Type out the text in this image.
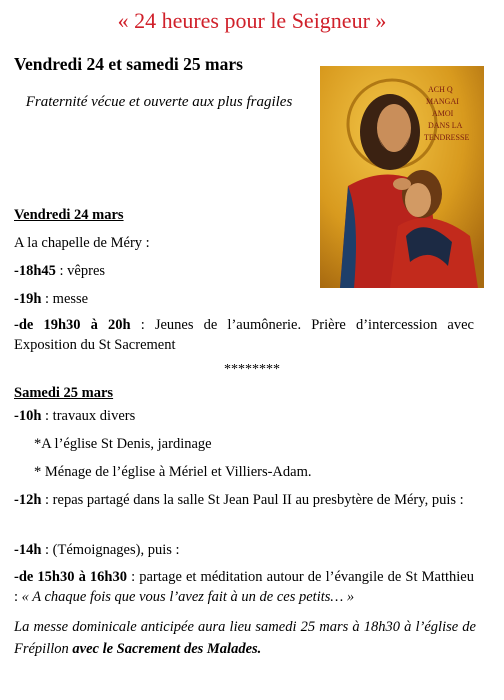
« 24 heures pour le Seigneur »
Vendredi 24 et samedi 25 mars
Fraternité vécue et ouverte aux plus fragiles
ACH Q
MANGAI
AMOI
DANS LA
TENDRESSE
Vendredi 24 mars
A la chapelle de Méry :
-18h45 : vêpres
-19h : messe
-de 19h30 à 20h : Jeunes de l’aumônerie. Prière d’intercession avec Exposition du St Sacrement
********
Samedi 25 mars
-10h : travaux divers
*A l’église St Denis, jardinage
* Ménage de l’église à Mériel et Villiers-Adam.
-12h : repas partagé dans la salle St Jean Paul II au presbytère de Méry, puis :
-14h : (Témoignages), puis :
-de 15h30 à 16h30 : partage et méditation autour de l’évangile de St Matthieu : « A chaque fois que vous l’avez fait à un de ces petits… »
La messe dominicale anticipée aura lieu samedi 25 mars à 18h30 à l’église de Frépillon avec le Sacrement des Malades.
